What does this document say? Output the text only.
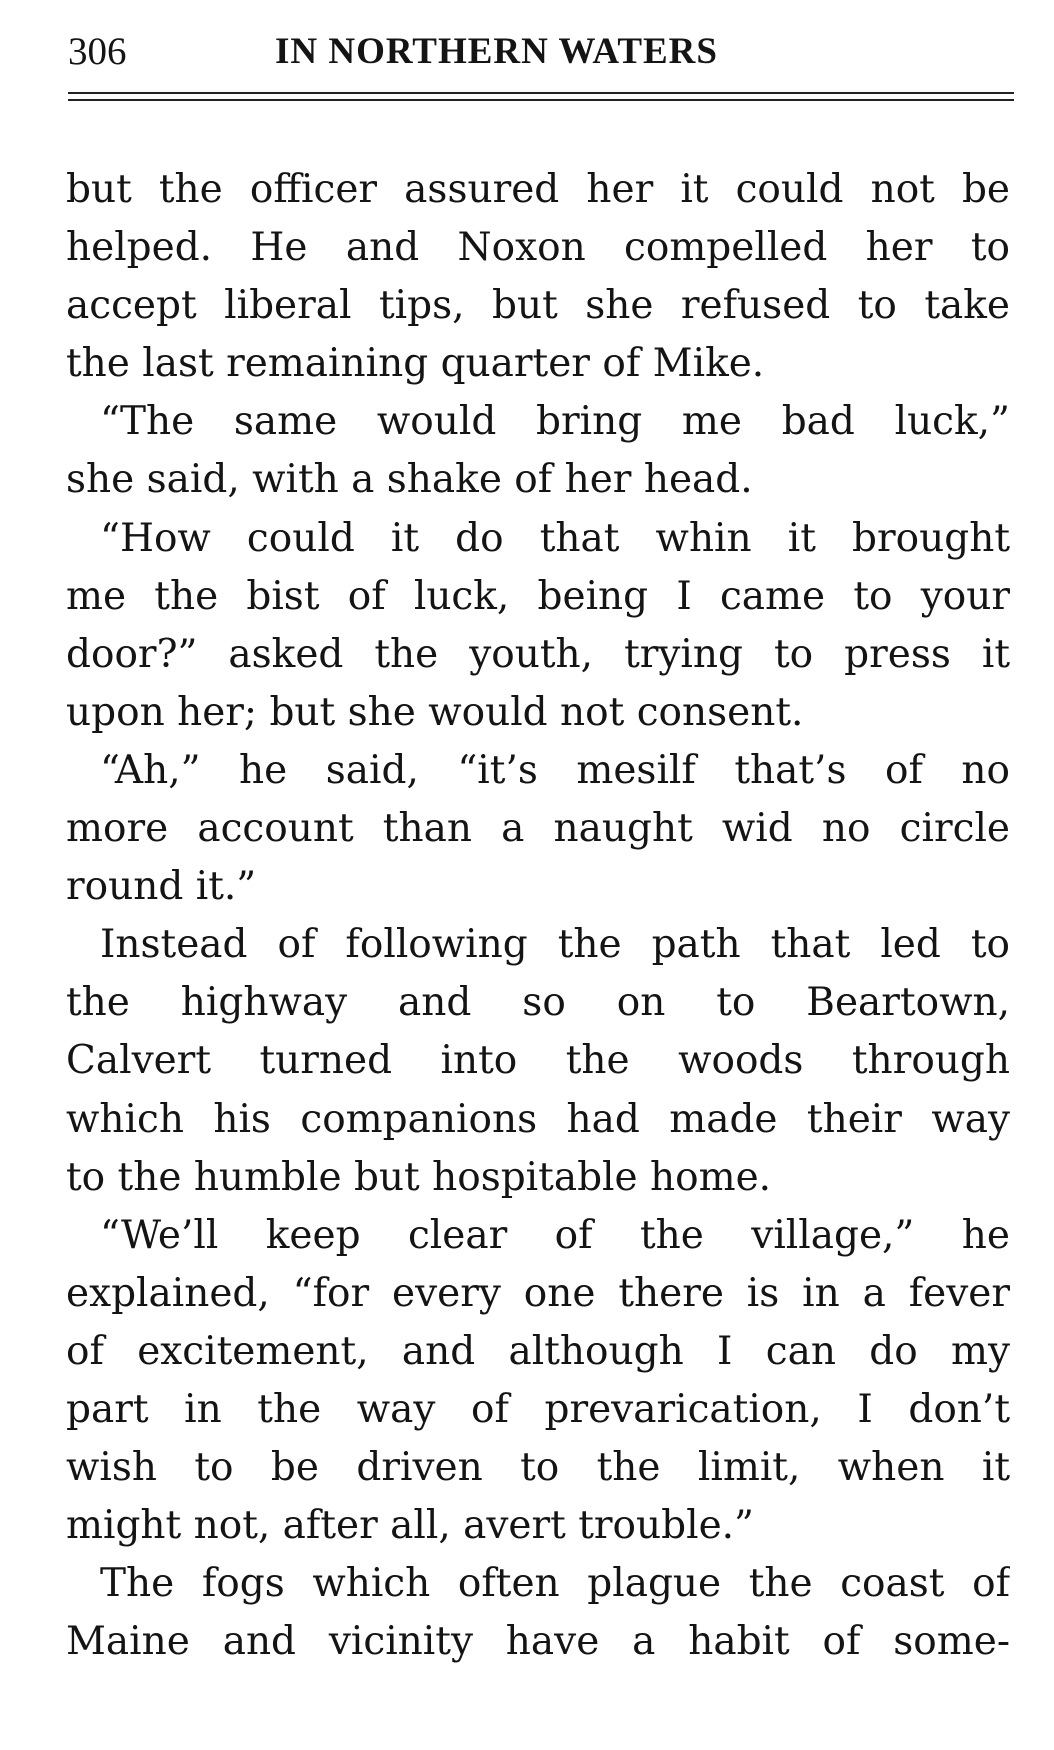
306	IN NORTHERN WATERS
but the officer assured her it could not be
helped. He and Noxon compelled her to
accept liberal tips, but she refused to take
the last remaining quarter of Mike.
“The same would bring me bad luck,”
she said, with a shake of her head.
“How could it do that whin it brought
me the bist of luck, being I came to your
door?” asked the youth, trying to press it
upon her; but she would not consent.
“Ah,” he said, “it’s mesilf that’s of no
more account than a naught wid no circle
round it.”
Instead of following the path that led to
the highway and so on to Beartown,
Calvert turned into the woods through
which his companions had made their way
to the humble but hospitable home.
“We’ll keep clear of the village,” he
explained, “for every one there is in a fever
of excitement, and although I can do my
part in the way of prevarication, I don’t
wish to be driven to the limit, when it
might not, after all, avert trouble.”
The fogs which often plague the coast of
Maine and vicinity have a habit of some-
